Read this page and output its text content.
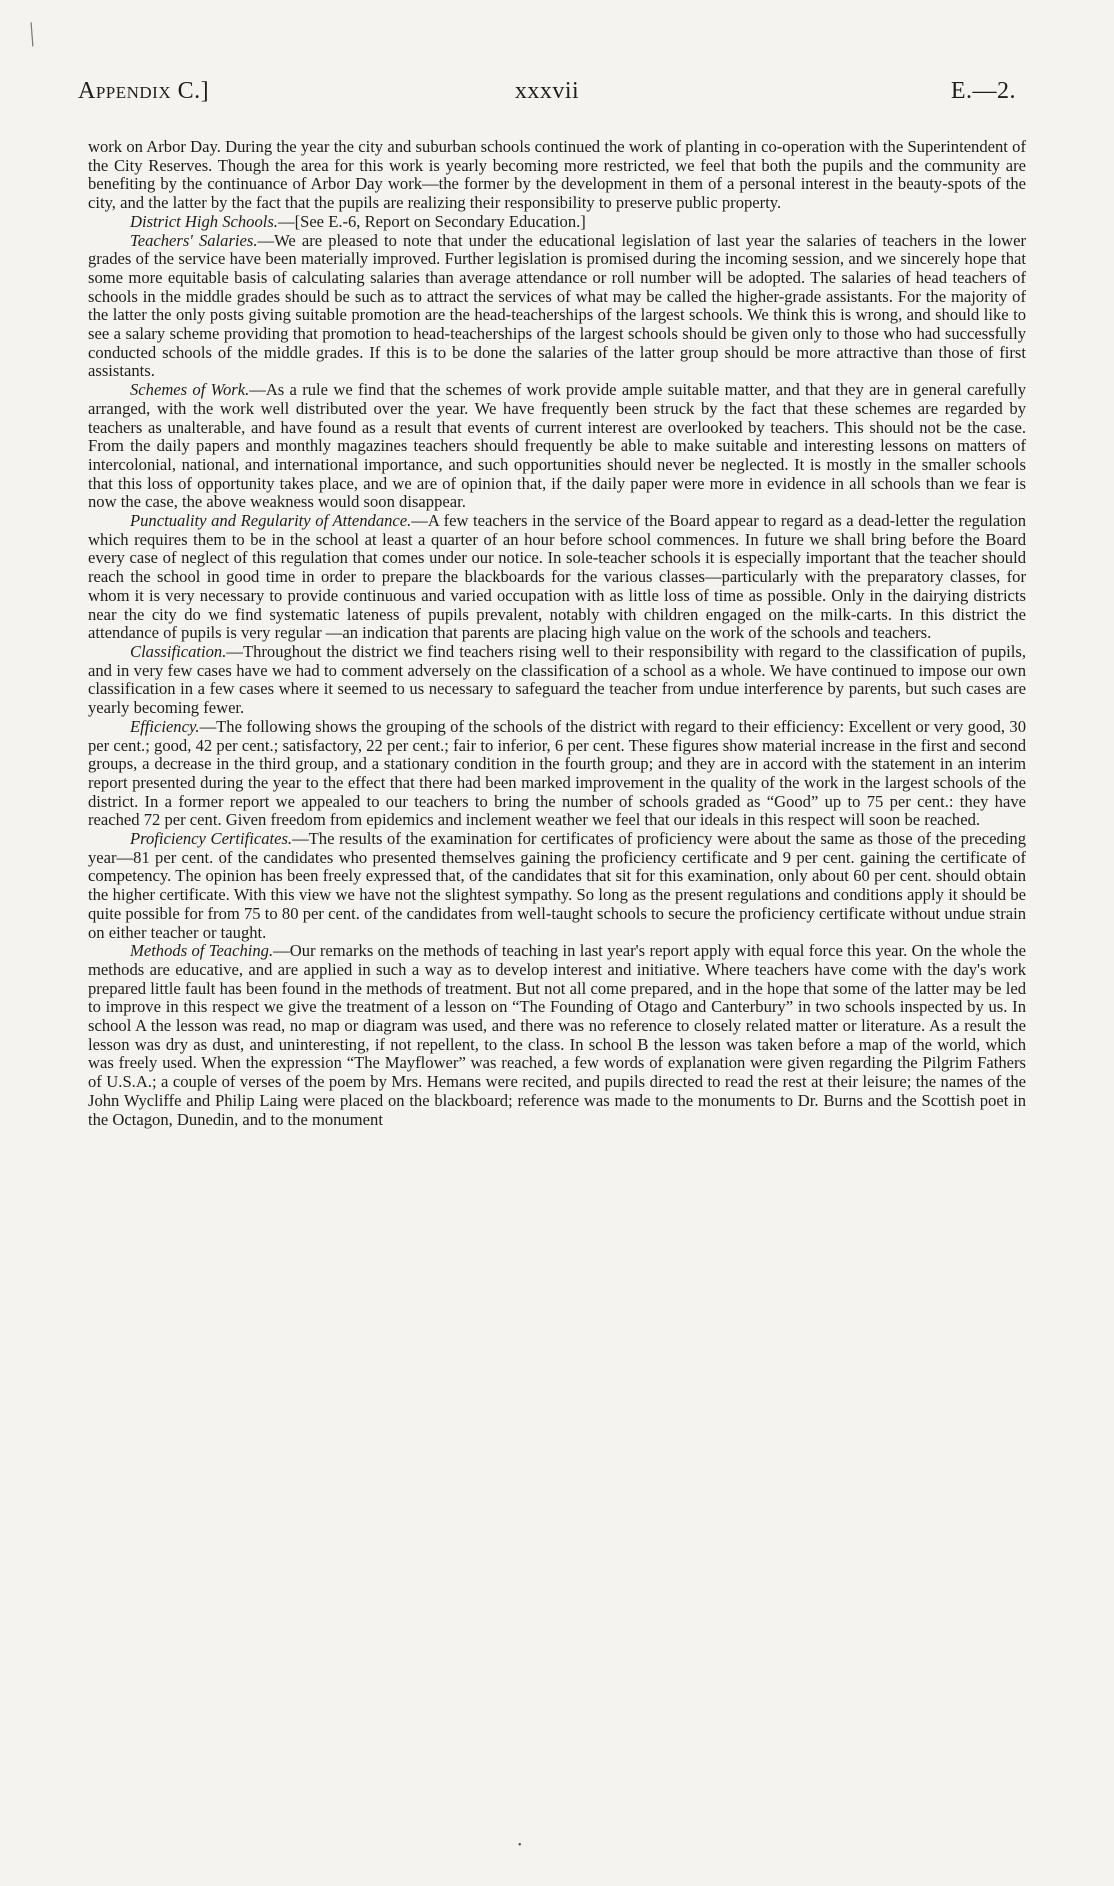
⁄
Appendix C.]	xxxvii	E.—2.

work on Arbor Day. During the year the city and suburban schools continued the work of planting in co-operation with the Superintendent of the City Reserves. Though the area for this work is yearly becoming more restricted, we feel that both the pupils and the community are benefiting by the continuance of Arbor Day work—the former by the development in them of a personal interest in the beauty-spots of the city, and the latter by the fact that the pupils are realizing their responsibility to preserve public property.

District High Schools.—[See E.-6, Report on Secondary Education.]

Teachers' Salaries.—We are pleased to note that under the educational legislation of last year the salaries of teachers in the lower grades of the service have been materially improved. Further legislation is promised during the incoming session, and we sincerely hope that some more equitable basis of calculating salaries than average attendance or roll number will be adopted. The salaries of head teachers of schools in the middle grades should be such as to attract the services of what may be called the higher-grade assistants. For the majority of the latter the only posts giving suitable promotion are the head-teacherships of the largest schools. We think this is wrong, and should like to see a salary scheme providing that promotion to head-teacherships of the largest schools should be given only to those who had successfully conducted schools of the middle grades. If this is to be done the salaries of the latter group should be more attractive than those of first assistants.

Schemes of Work.—As a rule we find that the schemes of work provide ample suitable matter, and that they are in general carefully arranged, with the work well distributed over the year. We have frequently been struck by the fact that these schemes are regarded by teachers as unalterable, and have found as a result that events of current interest are overlooked by teachers. This should not be the case. From the daily papers and monthly magazines teachers should frequently be able to make suitable and interesting lessons on matters of intercolonial, national, and international importance, and such opportunities should never be neglected. It is mostly in the smaller schools that this loss of opportunity takes place, and we are of opinion that, if the daily paper were more in evidence in all schools than we fear is now the case, the above weakness would soon disappear.

Punctuality and Regularity of Attendance.—A few teachers in the service of the Board appear to regard as a dead-letter the regulation which requires them to be in the school at least a quarter of an hour before school commences. In future we shall bring before the Board every case of neglect of this regulation that comes under our notice. In sole-teacher schools it is especially important that the teacher should reach the school in good time in order to prepare the blackboards for the various classes—particularly with the preparatory classes, for whom it is very necessary to provide continuous and varied occupation with as little loss of time as possible. Only in the dairying districts near the city do we find systematic lateness of pupils prevalent, notably with children engaged on the milk-carts. In this district the attendance of pupils is very regular —an indication that parents are placing high value on the work of the schools and teachers.

Classification.—Throughout the district we find teachers rising well to their responsibility with regard to the classification of pupils, and in very few cases have we had to comment adversely on the classification of a school as a whole. We have continued to impose our own classification in a few cases where it seemed to us necessary to safeguard the teacher from undue interference by parents, but such cases are yearly becoming fewer.

Efficiency.—The following shows the grouping of the schools of the district with regard to their efficiency: Excellent or very good, 30 per cent.; good, 42 per cent.; satisfactory, 22 per cent.; fair to inferior, 6 per cent. These figures show material increase in the first and second groups, a decrease in the third group, and a stationary condition in the fourth group; and they are in accord with the statement in an interim report presented during the year to the effect that there had been marked improvement in the quality of the work in the largest schools of the district. In a former report we appealed to our teachers to bring the number of schools graded as “Good” up to 75 per cent.: they have reached 72 per cent. Given freedom from epidemics and inclement weather we feel that our ideals in this respect will soon be reached.

Proficiency Certificates.—The results of the examination for certificates of proficiency were about the same as those of the preceding year—81 per cent. of the candidates who presented themselves gaining the proficiency certificate and 9 per cent. gaining the certificate of competency. The opinion has been freely expressed that, of the candidates that sit for this examination, only about 60 per cent. should obtain the higher certificate. With this view we have not the slightest sympathy. So long as the present regulations and conditions apply it should be quite possible for from 75 to 80 per cent. of the candidates from well-taught schools to secure the proficiency certificate without undue strain on either teacher or taught.

Methods of Teaching.—Our remarks on the methods of teaching in last year's report apply with equal force this year. On the whole the methods are educative, and are applied in such a way as to develop interest and initiative. Where teachers have come with the day's work prepared little fault has been found in the methods of treatment. But not all come prepared, and in the hope that some of the latter may be led to improve in this respect we give the treatment of a lesson on “The Founding of Otago and Canterbury” in two schools inspected by us. In school A the lesson was read, no map or diagram was used, and there was no reference to closely related matter or literature. As a result the lesson was dry as dust, and uninteresting, if not repellent, to the class. In school B the lesson was taken before a map of the world, which was freely used. When the expression “The Mayflower” was reached, a few words of explanation were given regarding the Pilgrim Fathers of U.S.A.; a couple of verses of the poem by Mrs. Hemans were recited, and pupils directed to read the rest at their leisure; the names of the John Wycliffe and Philip Laing were placed on the blackboard; reference was made to the monuments to Dr. Burns and the Scottish poet in the Octagon, Dunedin, and to the monument

•
